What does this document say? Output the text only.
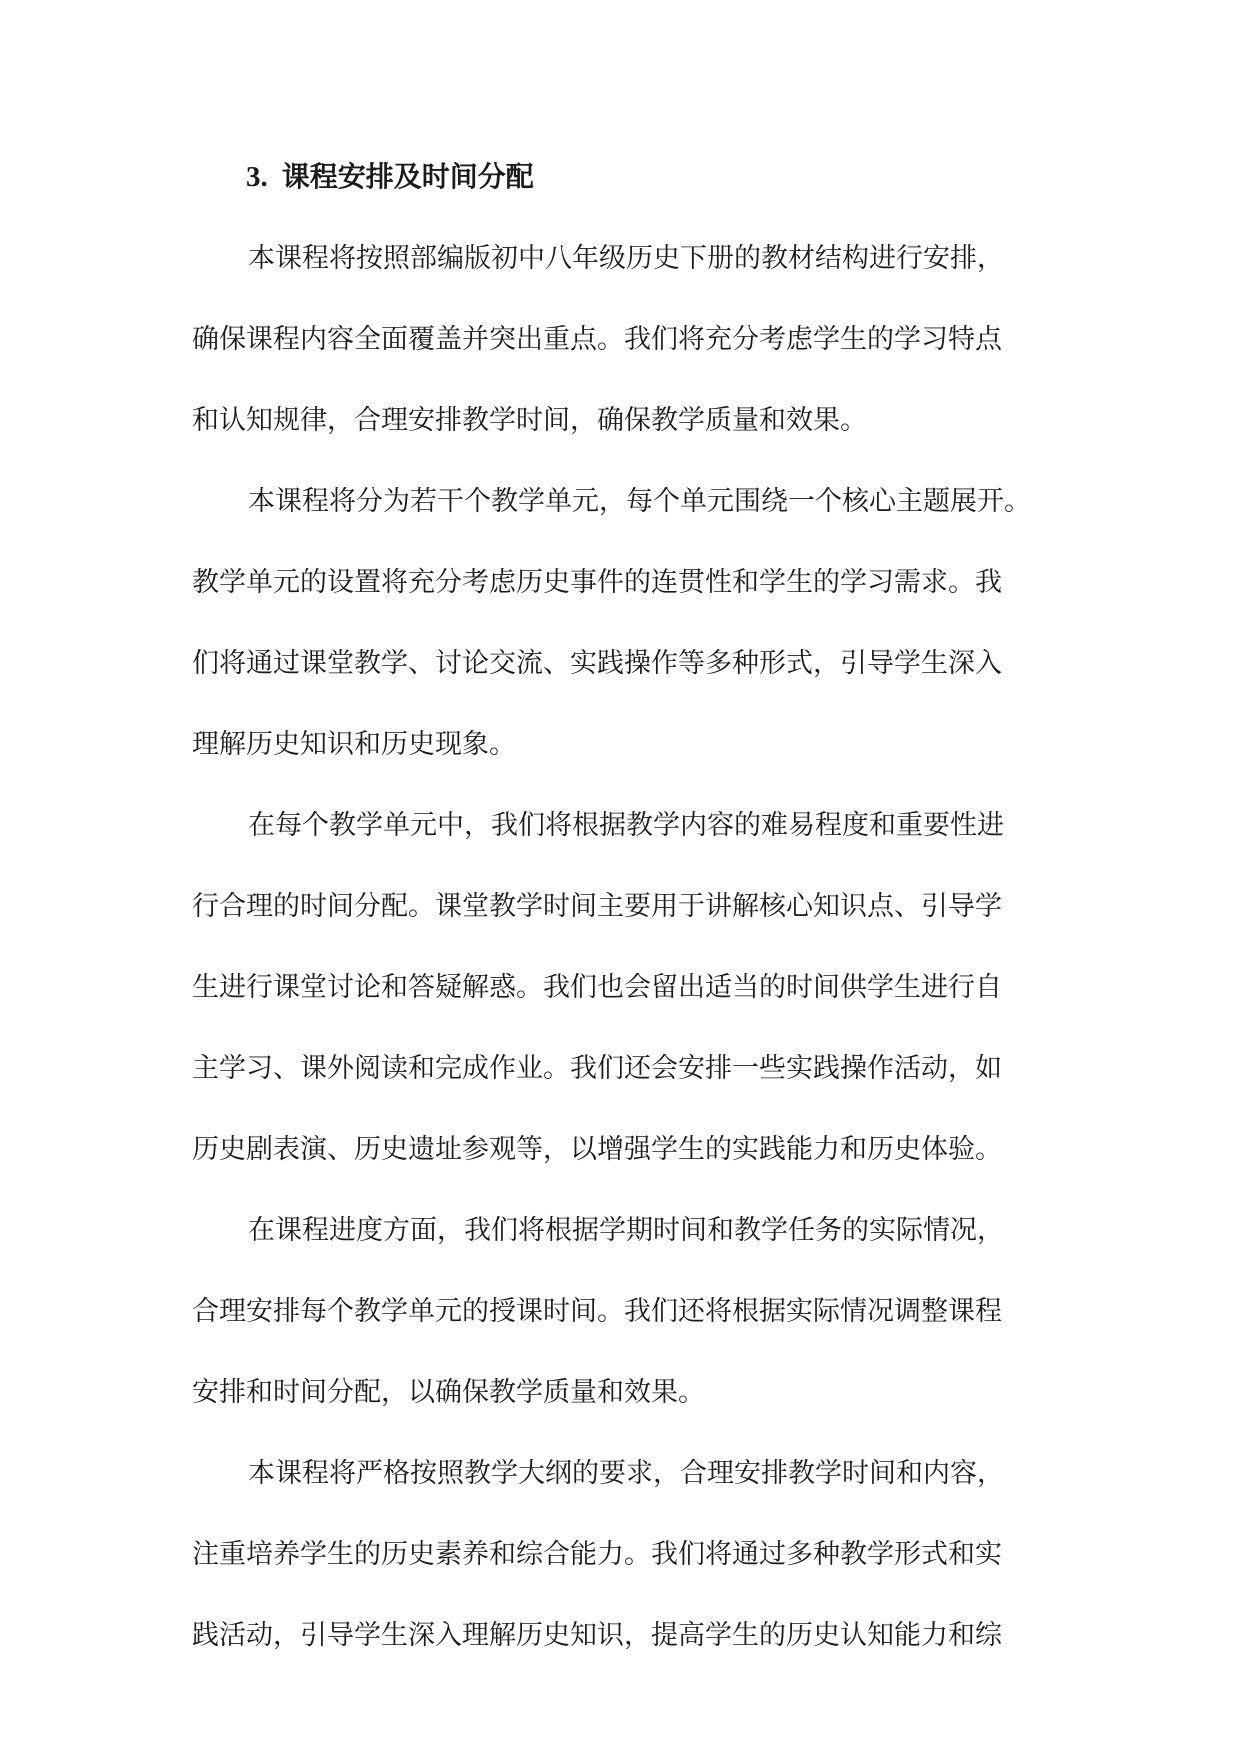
3. 课程安排及时间分配
本课程将按照部编版初中八年级历史下册的教材结构进行安排，
确保课程内容全面覆盖并突出重点。我们将充分考虑学生的学习特点
和认知规律，合理安排教学时间，确保教学质量和效果。
本课程将分为若干个教学单元，每个单元围绕一个核心主题展开。
教学单元的设置将充分考虑历史事件的连贯性和学生的学习需求。我
们将通过课堂教学、讨论交流、实践操作等多种形式，引导学生深入
理解历史知识和历史现象。
在每个教学单元中，我们将根据教学内容的难易程度和重要性进
行合理的时间分配。课堂教学时间主要用于讲解核心知识点、引导学
生进行课堂讨论和答疑解惑。我们也会留出适当的时间供学生进行自
主学习、课外阅读和完成作业。我们还会安排一些实践操作活动，如
历史剧表演、历史遗址参观等，以增强学生的实践能力和历史体验。
在课程进度方面，我们将根据学期时间和教学任务的实际情况，
合理安排每个教学单元的授课时间。我们还将根据实际情况调整课程
安排和时间分配，以确保教学质量和效果。
本课程将严格按照教学大纲的要求，合理安排教学时间和内容，
注重培养学生的历史素养和综合能力。我们将通过多种教学形式和实
践活动，引导学生深入理解历史知识，提高学生的历史认知能力和综
